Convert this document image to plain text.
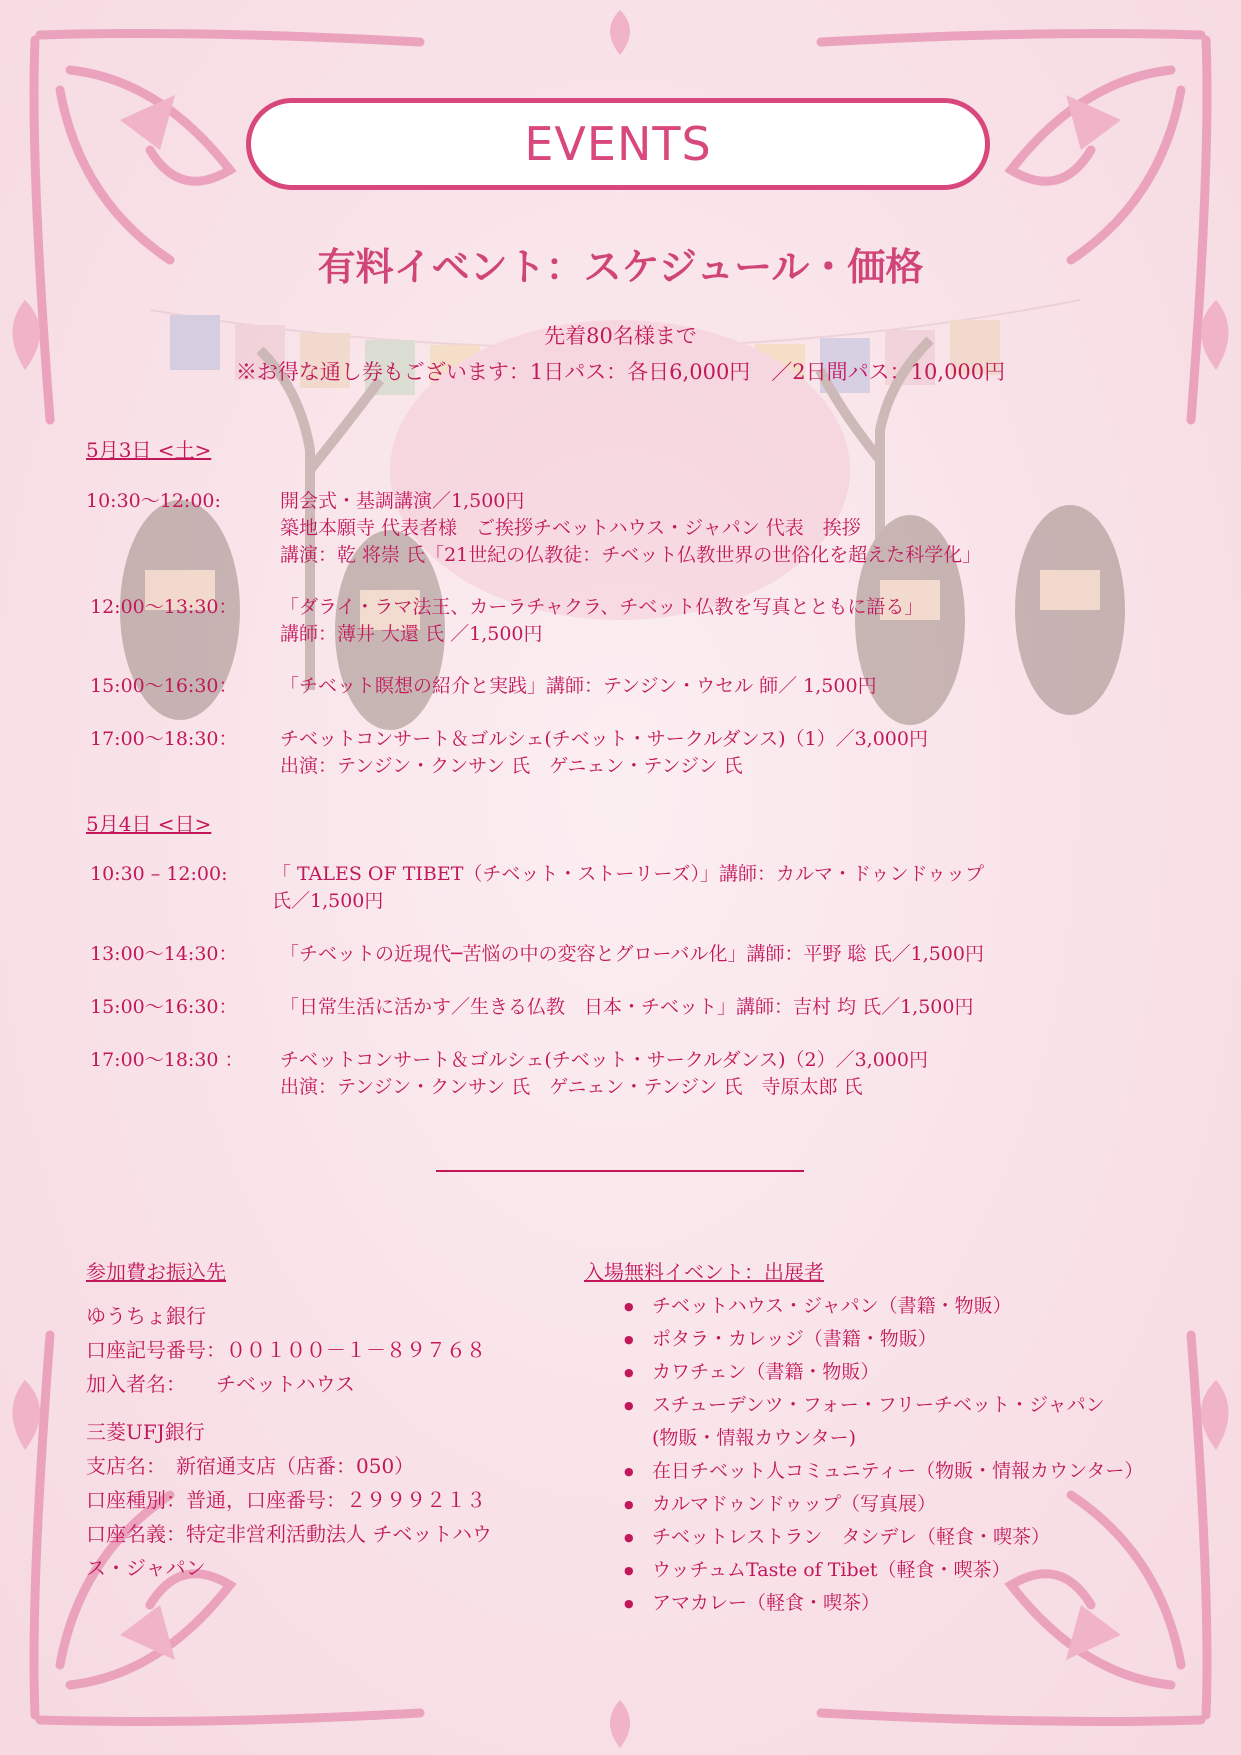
EVENTS
有料イベント：スケジュール・価格
先着80名様まで
※お得な通し券もございます：1日パス：各日6,000円　／2日間パス：10,000円
5月3日 <土>
10:30～12:00:	開会式・基調講演／1,500円
築地本願寺 代表者様　ご挨拶チベットハウス・ジャパン 代表　挨拶
講演：乾 将崇 氏「21世紀の仏教徒：チベット仏教世界の世俗化を超えた科学化」
12:00～13:30： 「ダライ・ラマ法王、カーラチャクラ、チベット仏教を写真とともに語る」
講師：薄井 大還 氏 ／1,500円
15:00～16:30： 「チベット瞑想の紹介と実践」講師：テンジン・ウセル 師／ 1,500円
17:00～18:30： チベットコンサート＆ゴルシェ(チベット・サークルダンス)（1）／3,000円
出演：テンジン・クンサン 氏　ゲニェン・テンジン 氏
5月4日 <日>
10:30 – 12:00: 「 TALES OF TIBET（チベット・ストーリーズ）」講師：カルマ・ドゥンドゥップ
氏／1,500円
13:00～14:30： 「チベットの近現代─苦悩の中の変容とグローバル化」講師：平野 聡 氏／1,500円
15:00～16:30： 「日常生活に活かす／生きる仏教　日本・チベット」講師：吉村 均 氏／1,500円
17:00～18:30 ： チベットコンサート＆ゴルシェ(チベット・サークルダンス)（2）／3,000円
出演：テンジン・クンサン 氏　ゲニェン・テンジン 氏　寺原太郎 氏
参加費お振込先
ゆうちょ銀行
口座記号番号：００１００－１－８９７６８
加入者名：　　チベットハウス
三菱UFJ銀行
支店名：　新宿通支店（店番：050）
口座種別：普通，口座番号：２９９９２１３
口座名義：特定非営利活動法人 チベットハウ
ス・ジャパン
入場無料イベント：出展者
● チベットハウス・ジャパン（書籍・物販）
● ポタラ・カレッジ（書籍・物販）
● カワチェン（書籍・物販）
● スチューデンツ・フォー・フリーチベット・ジャパン
(物販・情報カウンター)
● 在日チベット人コミュニティー（物販・情報カウンター）
● カルマドゥンドゥップ（写真展）
● チベットレストラン　タシデレ（軽食・喫茶）
● ウッチュムTaste of Tibet（軽食・喫茶）
● アマカレー（軽食・喫茶）
